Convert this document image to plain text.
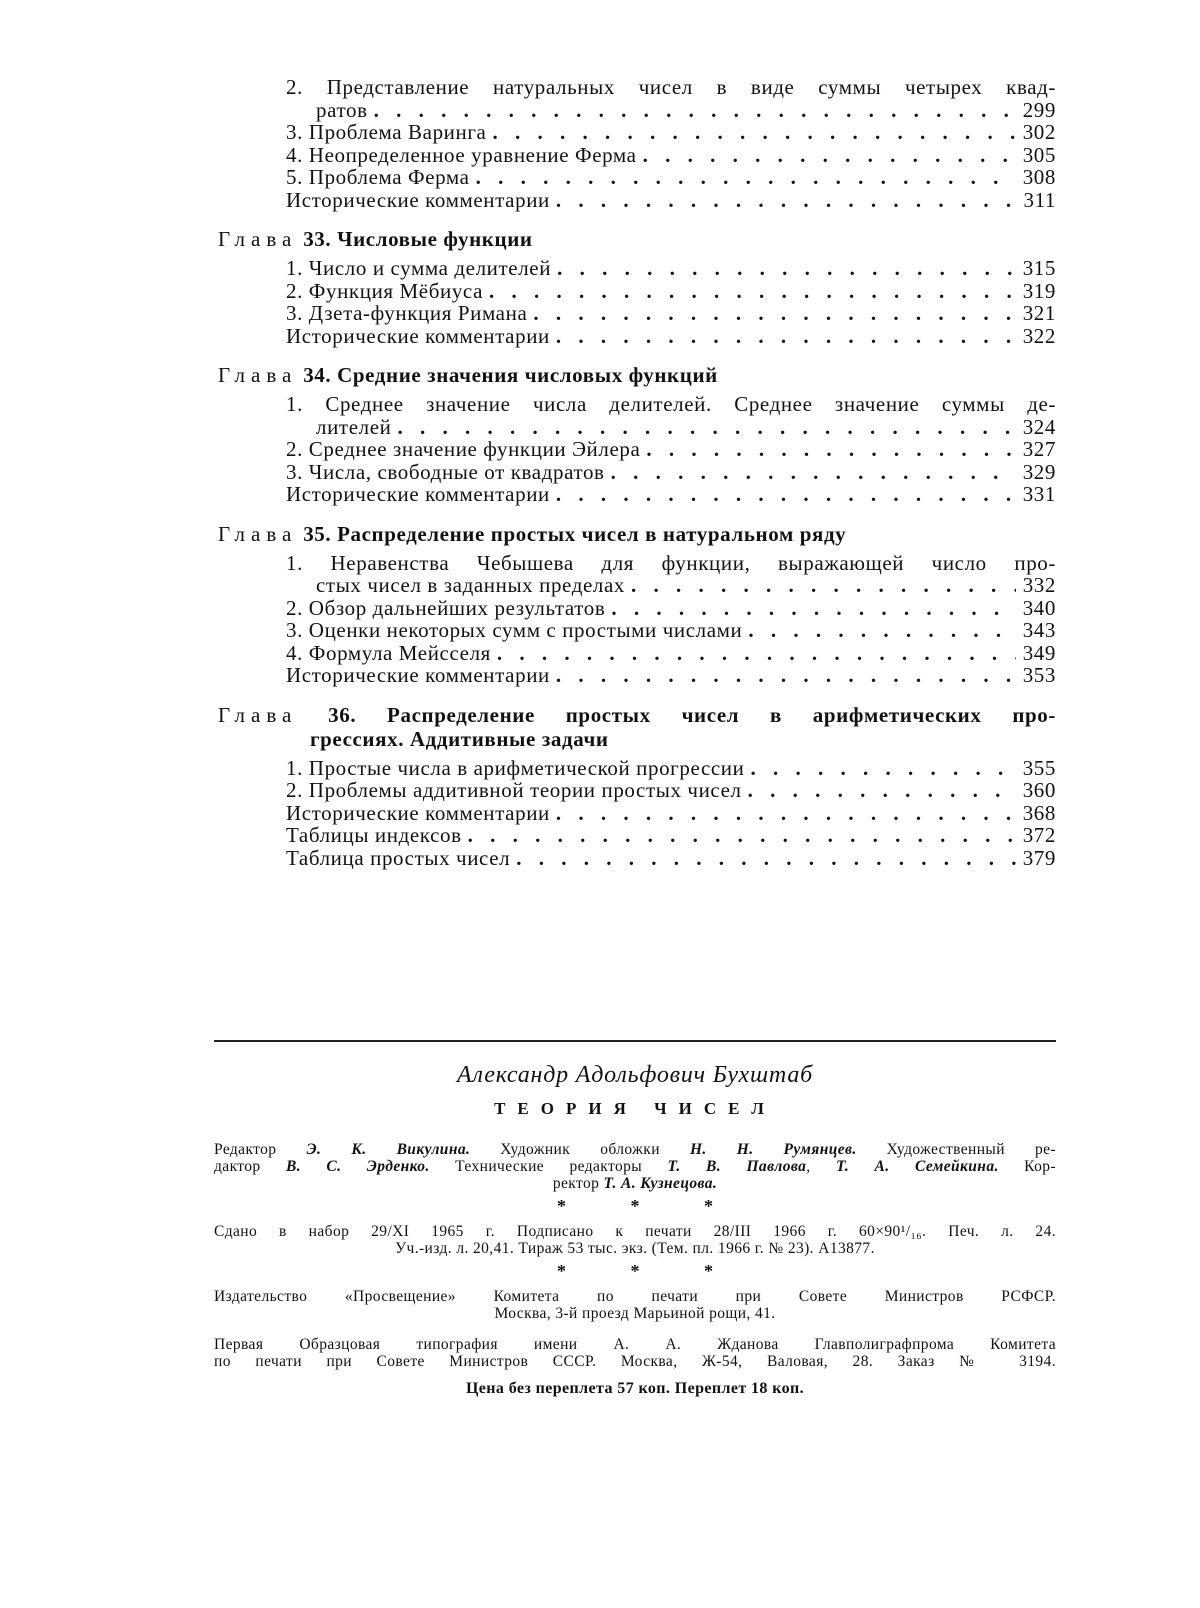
2. Представление натуральных чисел в виде суммы четырех квад-
ратов
. . .	299
3. Проблема Варинга
. . .	302
4. Неопределенное уравнение Ферма
. . .	305
5. Проблема Ферма
. . .	308
Исторические комментарии
. . .	311
Глава 33. Числовые функции
1. Число и сумма делителей
. . .	315
2. Функция Мёбиуса
. . .	319
3. Дзета-функция Римана
. . .	321
Исторические комментарии
. . .	322
Глава 34. Средние значения числовых функций
1. Среднее значение числа делителей. Среднее значение суммы де-
лителей
. . .	324
2. Среднее значение функции Эйлера
. . .	327
3. Числа, свободные от квадратов
. . .	329
Исторические комментарии
. . .	331
Глава 35. Распределение простых чисел в натуральном ряду
1. Неравенства Чебышева для функции, выражающей число про-
стых чисел в заданных пределах
. . .	332
2. Обзор дальнейших результатов
. . .	340
3. Оценки некоторых сумм с простыми числами
. . .	343
4. Формула Мейсселя
. . .	349
Исторические комментарии
. . .	353
Глава 36. Распределение простых чисел в арифметических про-
грессиях. Аддитивные задачи
1. Простые числа в арифметической прогрессии
. . .	355
2. Проблемы аддитивной теории простых чисел
. . .	360
Исторические комментарии
. . .	368
Таблицы индексов
. . .	372
Таблица простых чисел
. . .	379
Александр Адольфович Бухштаб
ТЕОРИЯ ЧИСЕЛ
Редактор Э. К. Викулина. Художник обложки Н. Н. Румянцев. Художественный ре-
дактор В. С. Эрденко. Технические редакторы Т. В. Павлова, Т. А. Семейкина. Кор-
ректор Т. А. Кузнецова.
* * *
Сдано в набор 29/XI 1965 г. Подписано к печати 28/III 1966 г. 60×90¹/₁₆. Печ. л. 24.
Уч.-изд. л. 20,41. Тираж 53 тыс. экз. (Тем. пл. 1966 г. № 23). А13877.
* * *
Издательство «Просвещение» Комитета по печати при Совете Министров РСФСР.
Москва, 3-й проезд Марьиной рощи, 41.
Первая Образцовая типография имени А. А. Жданова Главполиграфпрома Комитета
по печати при Совете Министров СССР. Москва, Ж-54, Валовая, 28. Заказ № 3194.
Цена без переплета 57 коп. Переплет 18 коп.
